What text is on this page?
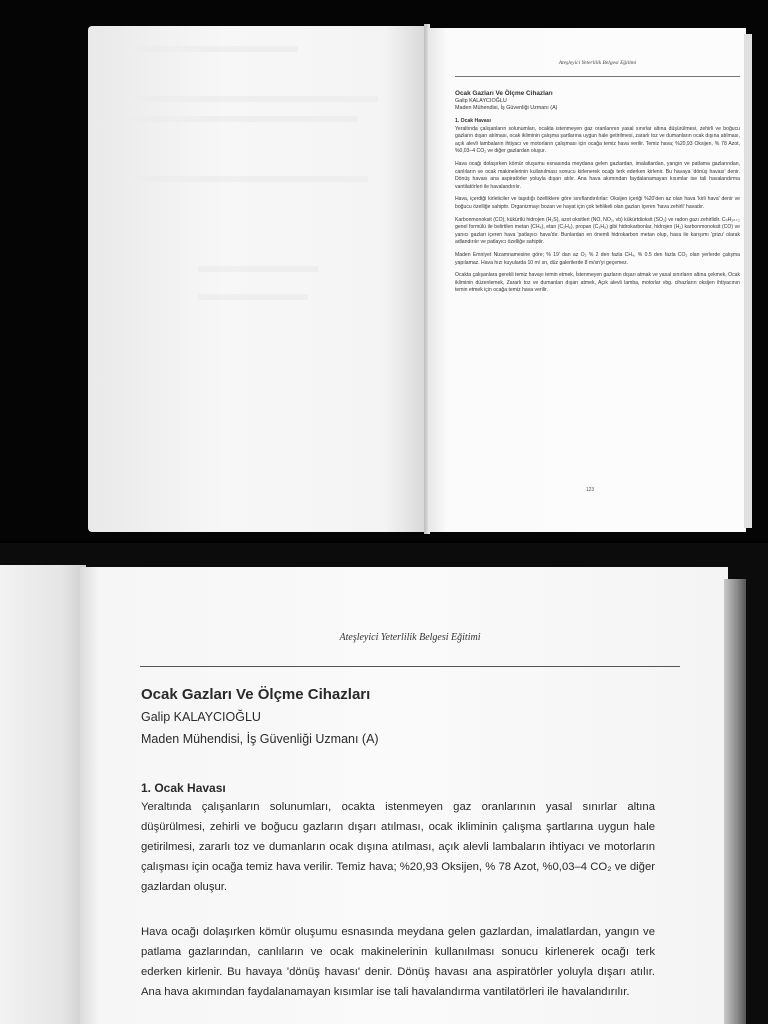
Ateşleyici Yeterlilik Belgesi Eğitimi
Ocak Gazları Ve Ölçme Cihazları
Galip KALAYCIOĞLU
Maden Mühendisi, İş Güvenliği Uzmanı (A)
1. Ocak Havası

Yeraltında çalışanların solunumları, ocakta istenmeyen gaz oranlarının yasal sınırlar altına düşürülmesi, zehirli ve boğucu gazların dışarı atılması, ocak ikliminin çalışma şartlarına uygun hale getirilmesi, zararlı toz ve dumanların ocak dışına atılması, açık alevli lambaların ihtiyacı ve motorların çalışması için ocağa temiz hava verilir. Temiz hava; %20,93 Oksijen, % 78 Azot, %0,03–4 CO₂ ve diğer gazlardan oluşur.

Hava ocağı dolaşırken kömür oluşumu esnasında meydana gelen gazlardan, imalatlardan, yangın ve patlama gazlarından, canlıların ve ocak makinelerinin kullanılması sonucu kirlenerek ocağı terk ederken kirlenir. Bu havaya 'dönüş havası' denir. Dönüş havası ana aspiratörler yoluyla dışarı atılır. Ana hava akımından faydalanamayan kısımlar ise tali havalandırma vantilatörleri ile havalandırılır.

Hava, içerdiği kirleticiler ve taşıdığı özelliklere göre sınıflandırılırlar: Oksijen içeriği %20'den az olan hava 'kirli hava' denir ve boğucu özelliğe sahiptir. Organizmayı bozan ve hayat için çok tehlikeli olan gazları içeren 'hava zehirli' havadır.

Karbonmonoksit (CO), kükürtlü hidrojen (H₂S), azot oksitleri (NO, NO₂, vb) kükürtdioksit (SO₂) ve radon gazı zehirlidir. CₙH₂ₙ₊₂ genel formülü ile belirtilen metan (CH₄), etan (C₂H₆), propan (C₃H₈) gibi hidrokarbonlar, hidrojen (H₂) karbonmonoksit (CO) ve yanıcı gazları içeren hava 'patlayıcı hava'dır. Bunlardan en önemli hidrokarbon metan olup, hava ile karışımı 'grizu' olarak adlandırılır ve patlayıcı özelliğe sahiptir.

Maden Emniyet Nizamnamesine göre; % 19' dan az O₂ % 2 den fazla CH₄, % 0.5 den fazla CO₂ olan yerlerde çalışma yapılamaz. Hava hızı kuyularda 10 m/ sn, düz galerilerde 8 m/sn'yi geçemez.

Ocakta çalışanlara gerekli temiz havayı temin etmek, İstenmeyen gazların dışarı atmak ve yasal sınırların altına çekmek, Ocak ikliminin düzenlemek, Zararlı toz ve dumanları dışarı atmek, Açık alevli lamba, motorlar vbg. cihazların oksijen ihtiyacının temin etmek için ocağa temiz hava verilir.

123
Ateşleyici Yeterlilik Belgesi Eğitimi
Ocak Gazları Ve Ölçme Cihazları
Galip KALAYCIOĞLU
Maden Mühendisi, İş Güvenliği Uzmanı (A)
1. Ocak Havası

Yeraltında çalışanların solunumları, ocakta istenmeyen gaz oranlarının yasal sınırlar altına düşürülmesi, zehirli ve boğucu gazların dışarı atılması, ocak ikliminin çalışma şartlarına uygun hale getirilmesi, zararlı toz ve dumanların ocak dışına atılması, açık alevli lambaların ihtiyacı ve motorların çalışması için ocağa temiz hava verilir. Temiz hava; %20,93 Oksijen, % 78 Azot, %0,03–4 CO₂ ve diğer gazlardan oluşur.

Hava ocağı dolaşırken kömür oluşumu esnasında meydana gelen gazlardan, imalatlardan, yangın ve patlama gazlarından, canlıların ve ocak makinelerinin kullanılması sonucu kirlenerek ocağı terk ederken kirlenir. Bu havaya 'dönüş havası' denir. Dönüş havası ana aspiratörler yoluyla dışarı atılır. Ana hava akımından faydalanamayan kısımlar ise tali havalandırma vantilatörleri ile havalandırılır.
